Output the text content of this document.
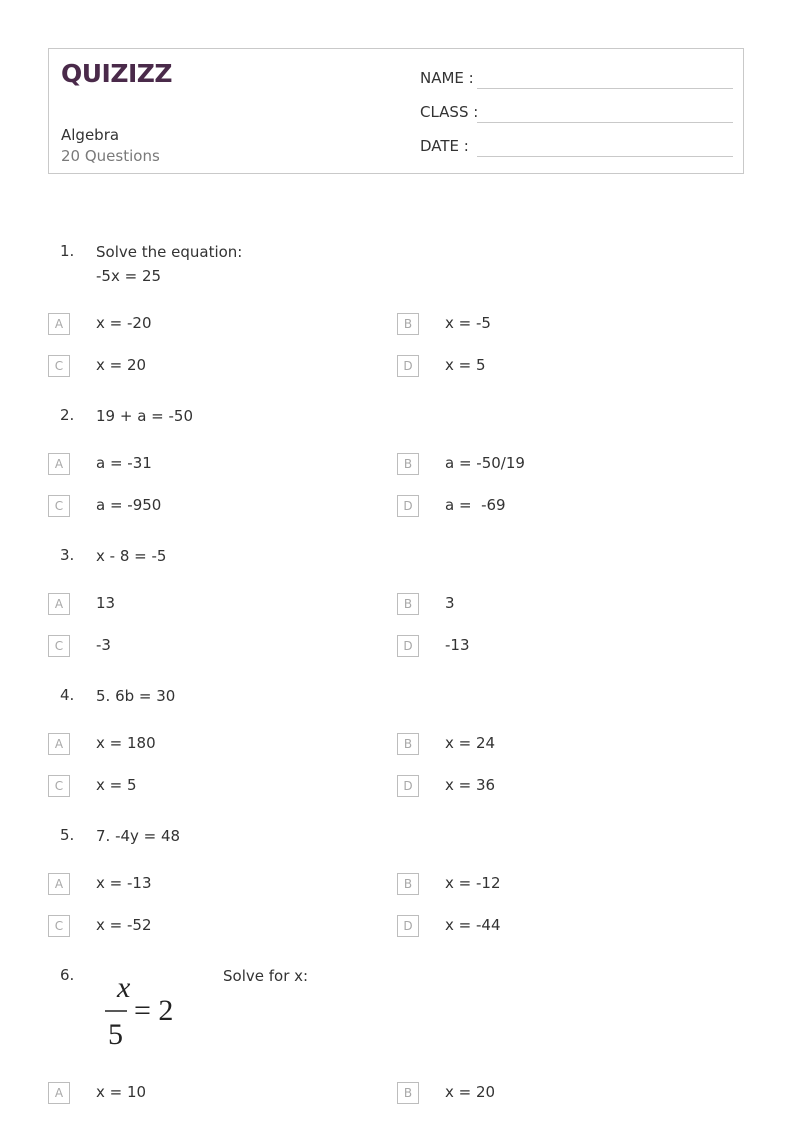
QUIZIZZ
Algebra
20 Questions
NAME :
CLASS :
DATE :
1. Solve the equation:
-5x = 25
A	x = -20	B	x = -5
C	x = 20	D	x = 5
2. 19 + a = -50
A	a = -31	B	a = -50/19
C	a = -950	D	a =  -69
3. x - 8 = -5
A	13	B	3
C	-3	D	-13
4. 5. 6b = 30
A	x = 180	B	x = 24
C	x = 5	D	x = 36
5. 7. -4y = 48
A	x = -13	B	x = -12
C	x = -52	D	x = -44
6. x
5
= 2
Solve for x:
A	x = 10	B	x = 20
